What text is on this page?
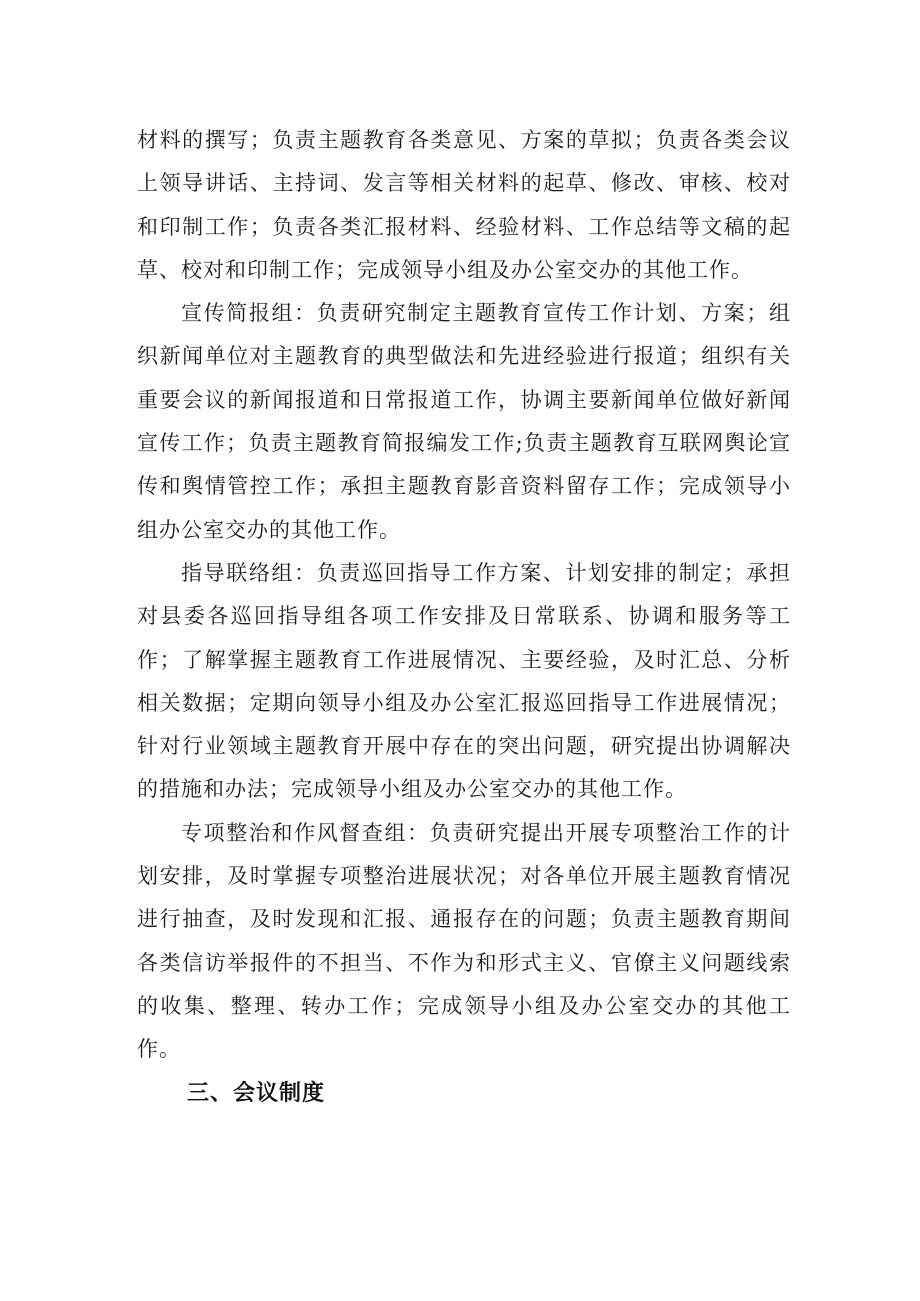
材料的撰写；负责主题教育各类意见、方案的草拟；负责各类会议上领导讲话、主持词、发言等相关材料的起草、修改、审核、校对和印制工作；负责各类汇报材料、经验材料、工作总结等文稿的起草、校对和印制工作；完成领导小组及办公室交办的其他工作。

宣传简报组：负责研究制定主题教育宣传工作计划、方案；组织新闻单位对主题教育的典型做法和先进经验进行报道；组织有关重要会议的新闻报道和日常报道工作，协调主要新闻单位做好新闻宣传工作；负责主题教育简报编发工作;负责主题教育互联网舆论宣传和舆情管控工作；承担主题教育影音资料留存工作；完成领导小组办公室交办的其他工作。

指导联络组：负责巡回指导工作方案、计划安排的制定；承担对县委各巡回指导组各项工作安排及日常联系、协调和服务等工作；了解掌握主题教育工作进展情况、主要经验，及时汇总、分析相关数据；定期向领导小组及办公室汇报巡回指导工作进展情况；针对行业领域主题教育开展中存在的突出问题，研究提出协调解决的措施和办法；完成领导小组及办公室交办的其他工作。

专项整治和作风督查组：负责研究提出开展专项整治工作的计划安排，及时掌握专项整治进展状况；对各单位开展主题教育情况进行抽查，及时发现和汇报、通报存在的问题；负责主题教育期间各类信访举报件的不担当、不作为和形式主义、官僚主义问题线索的收集、整理、转办工作；完成领导小组及办公室交办的其他工作。

三、会议制度
